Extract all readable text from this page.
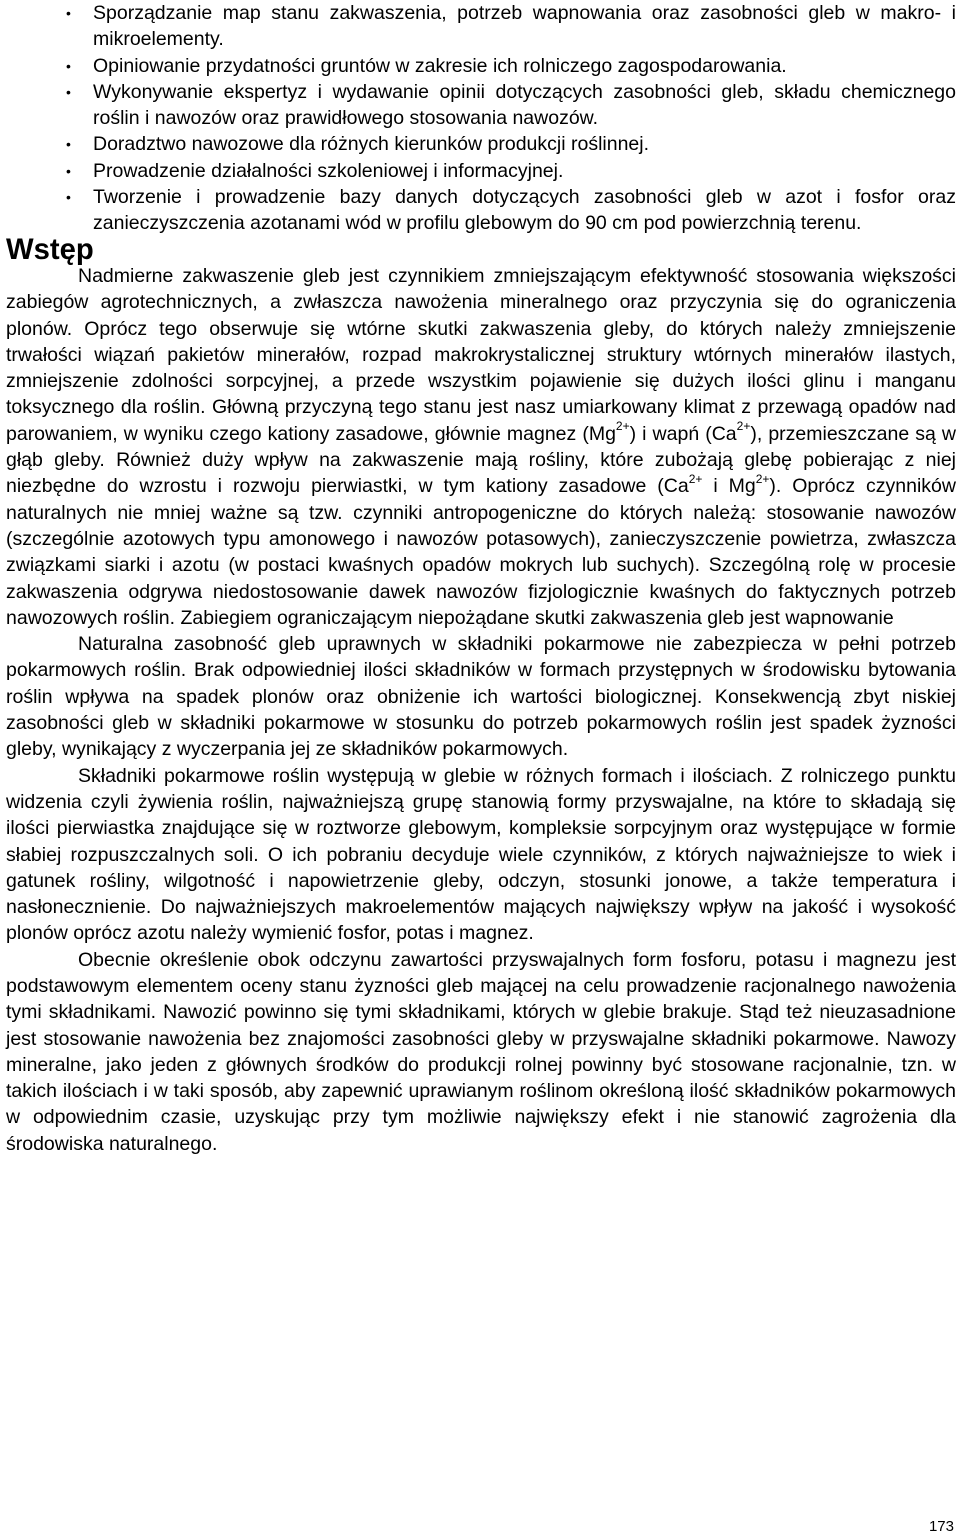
• Sporządzanie map stanu zakwaszenia, potrzeb wapnowania oraz zasobności gleb w makro- i mikroelementy.
• Opiniowanie przydatności gruntów w zakresie ich rolniczego zagospodarowania.
• Wykonywanie ekspertyz i wydawanie opinii dotyczących zasobności gleb, składu chemicznego roślin i nawozów oraz prawidłowego stosowania nawozów.
• Doradztwo nawozowe dla różnych kierunków produkcji roślinnej.
• Prowadzenie działalności szkoleniowej i informacyjnej.
• Tworzenie i prowadzenie bazy danych dotyczących zasobności gleb w azot i fosfor oraz zanieczyszczenia azotanami wód w profilu glebowym do 90 cm pod powierzchnią terenu.
Wstęp

Nadmierne zakwaszenie gleb jest czynnikiem zmniejszającym efektywność stosowania większości zabiegów agrotechnicznych, a zwłaszcza nawożenia mineralnego oraz przyczynia się do ograniczenia plonów. Oprócz tego obserwuje się wtórne skutki zakwaszenia gleby, do których należy zmniejszenie trwałości wiązań pakietów minerałów, rozpad makrokrystalicznej struktury wtórnych minerałów ilastych, zmniejszenie zdolności sorpcyjnej, a przede wszystkim pojawienie się dużych ilości glinu i manganu toksycznego dla roślin. Główną przyczyną tego stanu jest nasz umiarkowany klimat z przewagą opadów nad parowaniem, w wyniku czego kationy zasadowe, głównie magnez $(Mg^{2+})$ i wapń $(Ca^{2+})$, przemieszczane są w głąb gleby. Również duży wpływ na zakwaszenie mają rośliny, które zubożają glebę pobierając z niej niezbędne do wzrostu i rozwoju pierwiastki, w tym kationy zasadowe ($Ca^{2+}$ i $Mg^{2+}$). Oprócz czynników naturalnych nie mniej ważne są tzw. czynniki antropogeniczne do których należą: stosowanie nawozów (szczególnie azotowych typu amonowego i nawozów potasowych), zanieczyszczenie powietrza, zwłaszcza związkami siarki i azotu (w postaci kwaśnych opadów mokrych lub suchych). Szczególną rolę w procesie zakwaszenia odgrywa niedostosowanie dawek nawozów fizjologicznie kwaśnych do faktycznych potrzeb nawozowych roślin. Zabiegiem ograniczającym niepożądane skutki zakwaszenia gleb jest wapnowanie

Naturalna zasobność gleb uprawnych w składniki pokarmowe nie zabezpiecza w pełni potrzeb pokarmowych roślin. Brak odpowiedniej ilości składników w formach przystępnych w środowisku bytowania roślin wpływa na spadek plonów oraz obniżenie ich wartości biologicznej. Konsekwencją zbyt niskiej zasobności gleb w składniki pokarmowe w stosunku do potrzeb pokarmowych roślin jest spadek żyzności gleby, wynikający z wyczerpania jej ze składników pokarmowych.

Składniki pokarmowe roślin występują w glebie w różnych formach i ilościach. Z rolniczego punktu widzenia czyli żywienia roślin, najważniejszą grupę stanowią formy przyswajalne, na które to składają się ilości pierwiastka znajdujące się w roztworze glebowym, kompleksie sorpcyjnym oraz występujące w formie słabiej rozpuszczalnych soli. O ich pobraniu decyduje wiele czynników, z których najważniejsze to wiek i gatunek rośliny, wilgotność i napowietrzenie gleby, odczyn, stosunki jonowe, a także temperatura i nasłonecznienie. Do najważniejszych makroelementów mających największy wpływ na jakość i wysokość plonów oprócz azotu należy wymienić fosfor, potas i magnez.

Obecnie określenie obok odczynu zawartości przyswajalnych form fosforu, potasu i magnezu jest podstawowym elementem oceny stanu żyzności gleb mającej na celu prowadzenie racjonalnego nawożenia tymi składnikami. Nawozić powinno się tymi składnikami, których w glebie brakuje. Stąd też nieuzasadnione jest stosowanie nawożenia bez znajomości zasobności gleby w przyswajalne składniki pokarmowe. Nawozy mineralne, jako jeden z głównych środków do produkcji rolnej powinny być stosowane racjonalnie, tzn. w takich ilościach i w taki sposób, aby zapewnić uprawianym roślinom określoną ilość składników pokarmowych w odpowiednim czasie, uzyskując przy tym możliwie największy efekt i nie stanowić zagrożenia dla środowiska naturalnego.

173
